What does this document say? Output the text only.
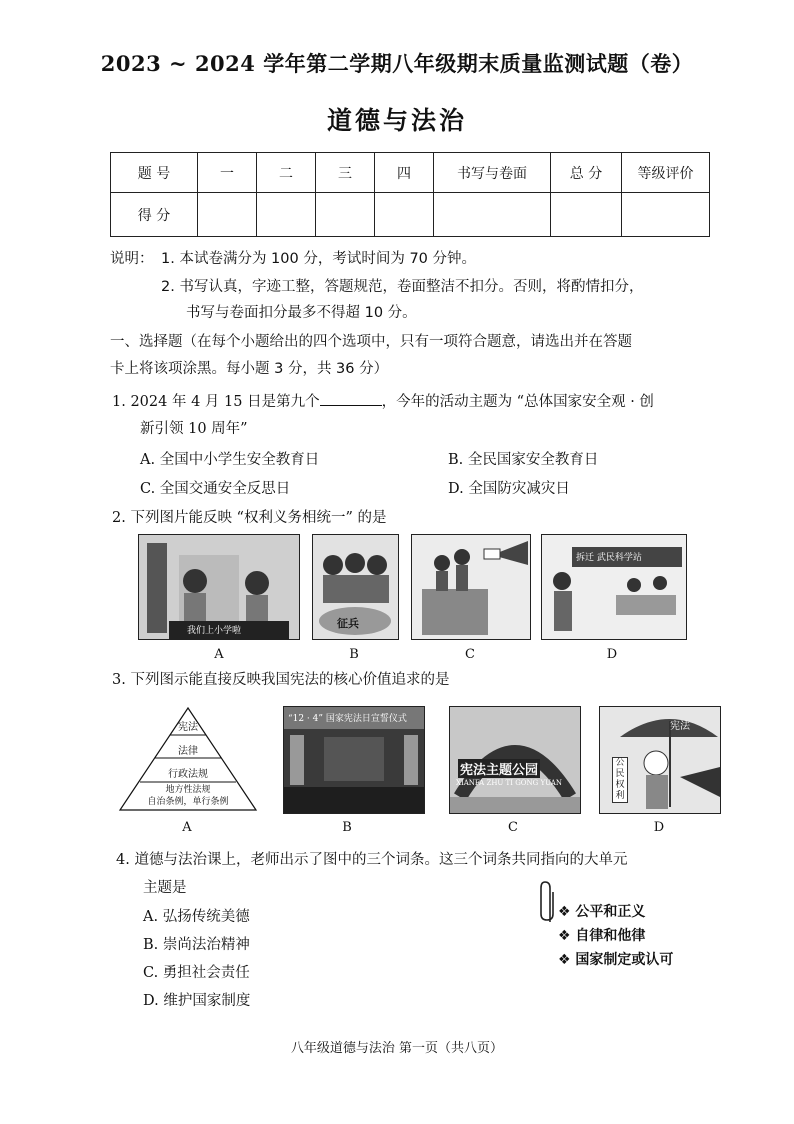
2023 ~ 2024 学年第二学期八年级期末质量监测试题（卷）
道德与法治
题 号	一	二	三	四	书写与卷面	总 分	等级评价
得 分							
说明： 1. 本试卷满分为 100 分，考试时间为 70 分钟。
2. 书写认真，字迹工整，答题规范，卷面整洁不扣分。否则，将酌情扣分，
书写与卷面扣分最多不得超 10 分。
一、选择题（在每个小题给出的四个选项中，只有一项符合题意，请选出并在答题
卡上将该项涂黑。每小题 3 分，共 36 分）
1. 2024 年 4 月 15 日是第九个	，今年的活动主题为 “总体国家安全观 · 创
新引领 10 周年”
A. 全国中小学生安全教育日	B. 全民国家安全教育日
C. 全国交通安全反思日	D. 全国防灾减灾日
2. 下列图片能反映 “权利义务相统一” 的是
我们上小学啦
征兵
拆迁 武民科学站
A	B	C	D
3. 下列图示能直接反映我国宪法的核心价值追求的是
宪法
法律
行政法规
地方性法规
自治条例，单行条例
“12 · 4” 国家宪法日宣誓仪式
宪法主题公园
XIANFA ZHU TI GONG YUAN
宪法
公
民
权
利
A	B	C	D
4. 道德与法治课上，老师出示了图中的三个词条。这三个词条共同指向的大单元
主题是
A. 弘扬传统美德
B. 崇尚法治精神
C. 勇担社会责任
D. 维护国家制度
❖ 公平和正义
❖ 自律和他律
❖ 国家制定或认可
八年级道德与法治 第一页（共八页）
